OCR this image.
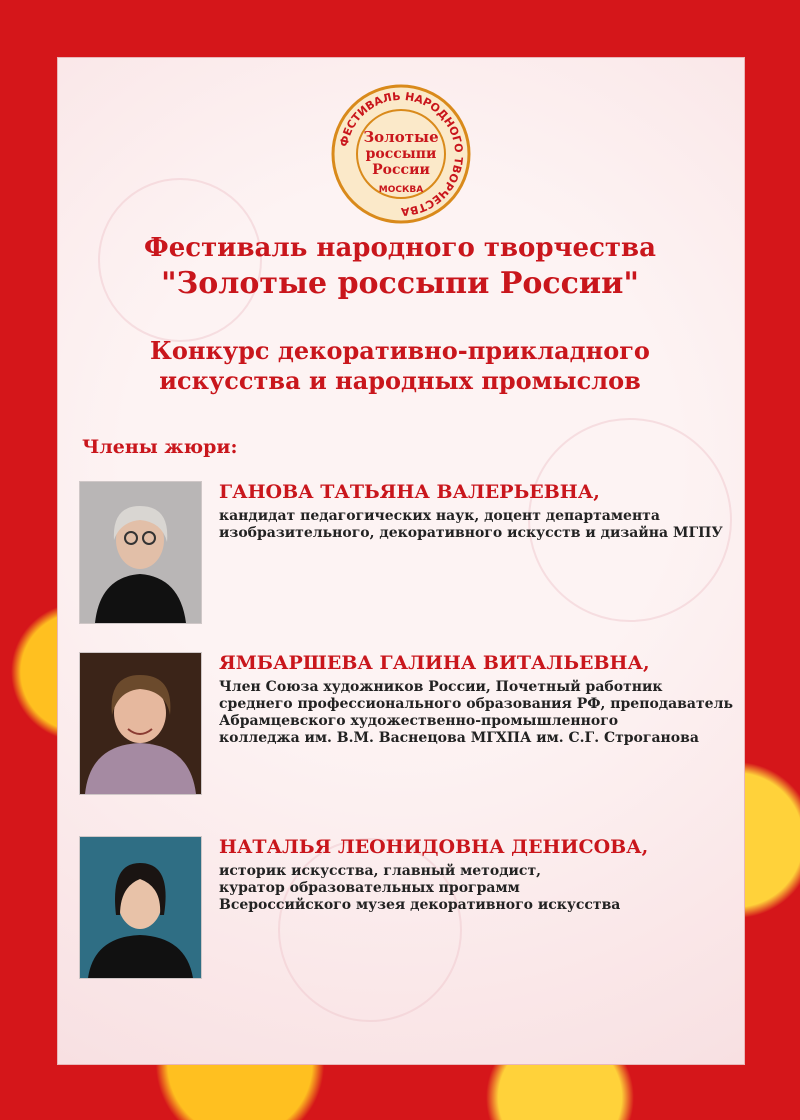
ФЕСТИВАЛЬ НАРОДНОГО ТВОРЧЕСТВА
Золотые
россыпи
России
МОСКВА
Фестиваль народного творчества
"Золотые россыпи России"
Конкурс декоративно-прикладного
искусства и народных промыслов
Члены жюри:
ГАНОВА ТАТЬЯНА ВАЛЕРЬЕВНА,
кандидат педагогических наук, доцент департамента
изобразительного, декоративного искусств и дизайна МГПУ
ЯМБАРШЕВА ГАЛИНА ВИТАЛЬЕВНА,
Член Союза художников России, Почетный работник
среднего профессионального образования РФ, преподаватель
Абрамцевского художественно-промышленного
колледжа им. В.М. Васнецова МГХПА им. С.Г. Строганова
НАТАЛЬЯ ЛЕОНИДОВНА ДЕНИСОВА,
историк искусства, главный методист,
куратор образовательных программ
Всероссийского музея декоративного искусства
